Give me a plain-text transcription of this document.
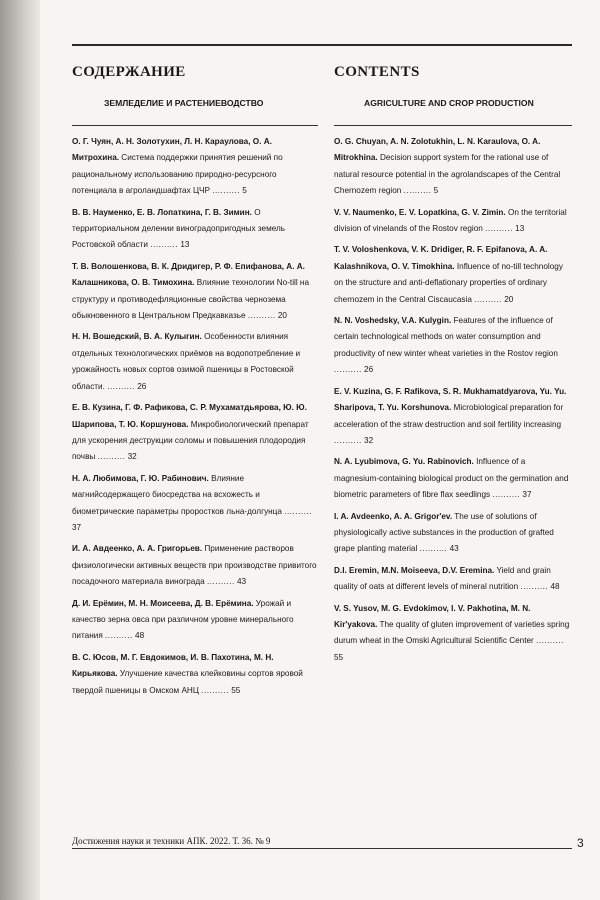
СОДЕРЖАНИЕ	CONTENTS
ЗЕМЛЕДЕЛИЕ И РАСТЕНИЕВОДСТВО	AGRICULTURE AND CROP PRODUCTION
О. Г. Чуян, А. Н. Золотухин, Л. Н. Караулова, О. А. Митрохина. Система поддержки принятия решений по рациональному использованию природно-ресурсного потенциала в агроландшафтах ЦЧР .......... 5
В. В. Науменко, Е. В. Лопаткина, Г. В. Зимин. О территориальном делении виноградопригодных земель Ростовской области .......... 13
Т. В. Волошенкова, В. К. Дридигер, Р. Ф. Епифанова, А. А. Калашникова, О. В. Тимохина. Влияние технологии No-till на структуру и противодефляционные свойства чернозема обыкновенного в Центральном Предкавказье .......... 20
Н. Н. Вошедский, В. А. Кулыгин. Особенности влияния отдельных технологических приёмов на водопотребление и урожайность новых сортов озимой пшеницы в Ростовской области. .......... 26
Е. В. Кузина, Г. Ф. Рафикова, С. Р. Мухаматдьярова, Ю. Ю. Шарипова, Т. Ю. Коршунова. Микробиологический препарат для ускорения деструкции соломы и повышения плодородия почвы .......... 32
Н. А. Любимова, Г. Ю. Рабинович. Влияние магнийсодержащего биосредства на всхожесть и биометрические параметры проростков льна-долгунца .......... 37
И. А. Авдеенко, А. А. Григорьев. Применение растворов физиологически активных веществ при производстве привитого посадочного материала винограда .......... 43
Д. И. Ерёмин, М. Н. Моисеева, Д. В. Ерёмина. Урожай и качество зерна овса при различном уровне минерального питания .......... 48
В. С. Юсов, М. Г. Евдокимов, И. В. Пахотина, М. Н. Кирьякова. Улучшение качества клейковины сортов яровой твердой пшеницы в Омском АНЦ .......... 55
O. G. Chuyan, A. N. Zolotukhin, L. N. Karaulova, O. A. Mitrokhina. Decision support system for the rational use of natural resource potential in the agrolandscapes of the Central Chernozem region .......... 5
V. V. Naumenko, E. V. Lopatkina, G. V. Zimin. On the territorial division of vinelands of the Rostov region .......... 13
T. V. Voloshenkova, V. K. Dridiger, R. F. Epifanova, A. A. Kalashnikova, O. V. Timokhina. Influence of no-till technology on the structure and anti-deflationary properties of ordinary chernozem in the Central Ciscaucasia .......... 20
N. N. Voshedsky, V.A. Kulygin. Features of the influence of certain technological methods on water consumption and productivity of new winter wheat varieties in the Rostov region .......... 26
E. V. Kuzina, G. F. Rafikova, S. R. Mukhamatdyarova, Yu. Yu. Sharipova, T. Yu. Korshunova. Microbiological preparation for acceleration of the straw destruction and soil fertility increasing .......... 32
N. A. Lyubimova, G. Yu. Rabinovich. Influence of a magnesium-containing biological product on the germination and biometric parameters of fibre flax seedlings .......... 37
I. A. Avdeenko, A. A. Grigor'ev. The use of solutions of physiologically active substances in the production of grafted grape planting material .......... 43
D.I. Eremin, M.N. Moiseeva, D.V. Eremina. Yield and grain quality of oats at different levels of mineral nutrition .......... 48
V. S. Yusov, M. G. Evdokimov, I. V. Pakhotina, M. N. Kir'yakova. The quality of gluten improvement of varieties spring durum wheat in the Omski Agricultural Scientific Center .......... 55
Достижения науки и техники АПК. 2022. Т. 36. № 9	3
